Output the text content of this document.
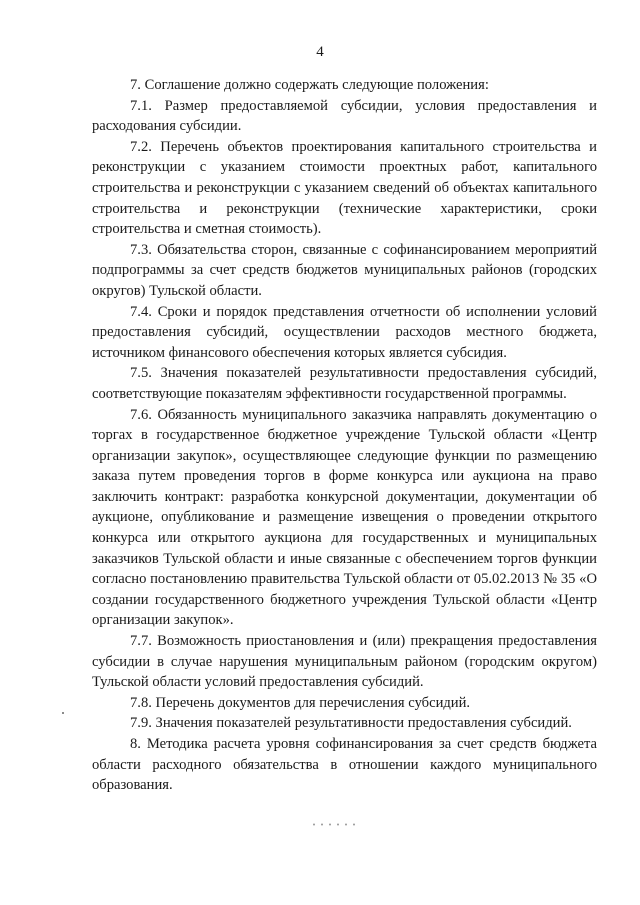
4

7. Соглашение должно содержать следующие положения:

7.1. Размер предоставляемой субсидии, условия предоставления и расходования субсидии.

7.2. Перечень объектов проектирования капитального строительства и реконструкции с указанием стоимости проектных работ, капитального строительства и реконструкции с указанием сведений об объектах капитального строительства и реконструкции (технические характеристики, сроки строительства и сметная стоимость).

7.3. Обязательства сторон, связанные с софинансированием мероприятий подпрограммы за счет средств бюджетов муниципальных районов (городских округов) Тульской области.

7.4. Сроки и порядок представления отчетности об исполнении условий предоставления субсидий, осуществлении расходов местного бюджета, источником финансового обеспечения которых является субсидия.

7.5. Значения показателей результативности предоставления субсидий, соответствующие показателям эффективности государственной программы.

7.6. Обязанность муниципального заказчика направлять документацию о торгах в государственное бюджетное учреждение Тульской области «Центр организации закупок», осуществляющее следующие функции по размещению заказа путем проведения торгов в форме конкурса или аукциона на право заключить контракт: разработка конкурсной документации, документации об аукционе, опубликование и размещение извещения о проведении открытого конкурса или открытого аукциона для государственных и муниципальных заказчиков Тульской области и иные связанные с обеспечением торгов функции согласно постановлению правительства Тульской области от 05.02.2013 № 35 «О создании государственного бюджетного учреждения Тульской области «Центр организации закупок».

7.7. Возможность приостановления и (или) прекращения предоставления субсидии в случае нарушения муниципальным районом (городским округом) Тульской области условий предоставления субсидий.

7.8. Перечень документов для перечисления субсидий.

7.9. Значения показателей результативности предоставления субсидий.

8. Методика расчета уровня софинансирования за счет средств бюджета области расходного обязательства в отношении каждого муниципального образования.
